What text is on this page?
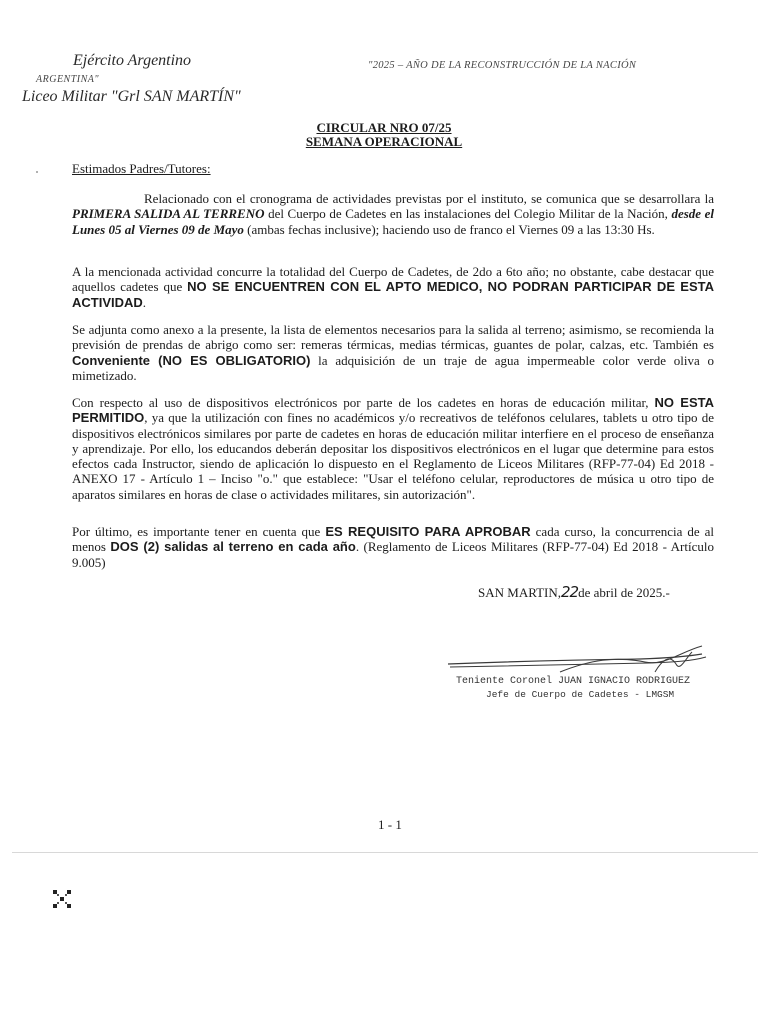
Ejército Argentino
ARGENTINA"
Liceo Militar "Grl SAN MARTÍN"
"2025 – AÑO DE LA RECONSTRUCCIÓN DE LA NACIÓN
CIRCULAR NRO 07/25
SEMANA OPERACIONAL
Estimados Padres/Tutores:

Relacionado con el cronograma de actividades previstas por el instituto, se comunica que se desarrollara la PRIMERA SALIDA AL TERRENO del Cuerpo de Cadetes en las instalaciones del Colegio Militar de la Nación, desde el Lunes 05 al Viernes 09 de Mayo (ambas fechas inclusive); haciendo uso de franco el Viernes 09 a las 13:30 Hs.

A la mencionada actividad concurre la totalidad del Cuerpo de Cadetes, de 2do a 6to año; no obstante, cabe destacar que aquellos cadetes que NO SE ENCUENTREN CON EL APTO MEDICO, NO PODRAN PARTICIPAR DE ESTA ACTIVIDAD.

Se adjunta como anexo a la presente, la lista de elementos necesarios para la salida al terreno; asimismo, se recomienda la previsión de prendas de abrigo como ser: remeras térmicas, medias térmicas, guantes de polar, calzas, etc. También es Conveniente (NO ES OBLIGATORIO) la adquisición de un traje de agua impermeable color verde oliva o mimetizado.

Con respecto al uso de dispositivos electrónicos por parte de los cadetes en horas de educación militar, NO ESTA PERMITIDO, ya que la utilización con fines no académicos y/o recreativos de teléfonos celulares, tablets u otro tipo de dispositivos electrónicos similares por parte de cadetes en horas de educación militar interfiere en el proceso de enseñanza y aprendizaje. Por ello, los educandos deberán depositar los dispositivos electrónicos en el lugar que determine para estos efectos cada Instructor, siendo de aplicación lo dispuesto en el Reglamento de Liceos Militares (RFP-77-04) Ed 2018 - ANEXO 17 - Artículo 1 – Inciso "o." que establece: "Usar el teléfono celular, reproductores de música u otro tipo de aparatos similares en horas de clase o actividades militares, sin autorización".

Por último, es importante tener en cuenta que ES REQUISITO PARA APROBAR cada curso, la concurrencia de al menos DOS (2) salidas al terreno en cada año. (Reglamento de Liceos Militares (RFP-77-04) Ed 2018 - Artículo 9.005)

SAN MARTIN,22de abril de 2025.-
Teniente Coronel JUAN IGNACIO RODRIGUEZ
Jefe de Cuerpo de Cadetes - LMGSM
1 - 1
